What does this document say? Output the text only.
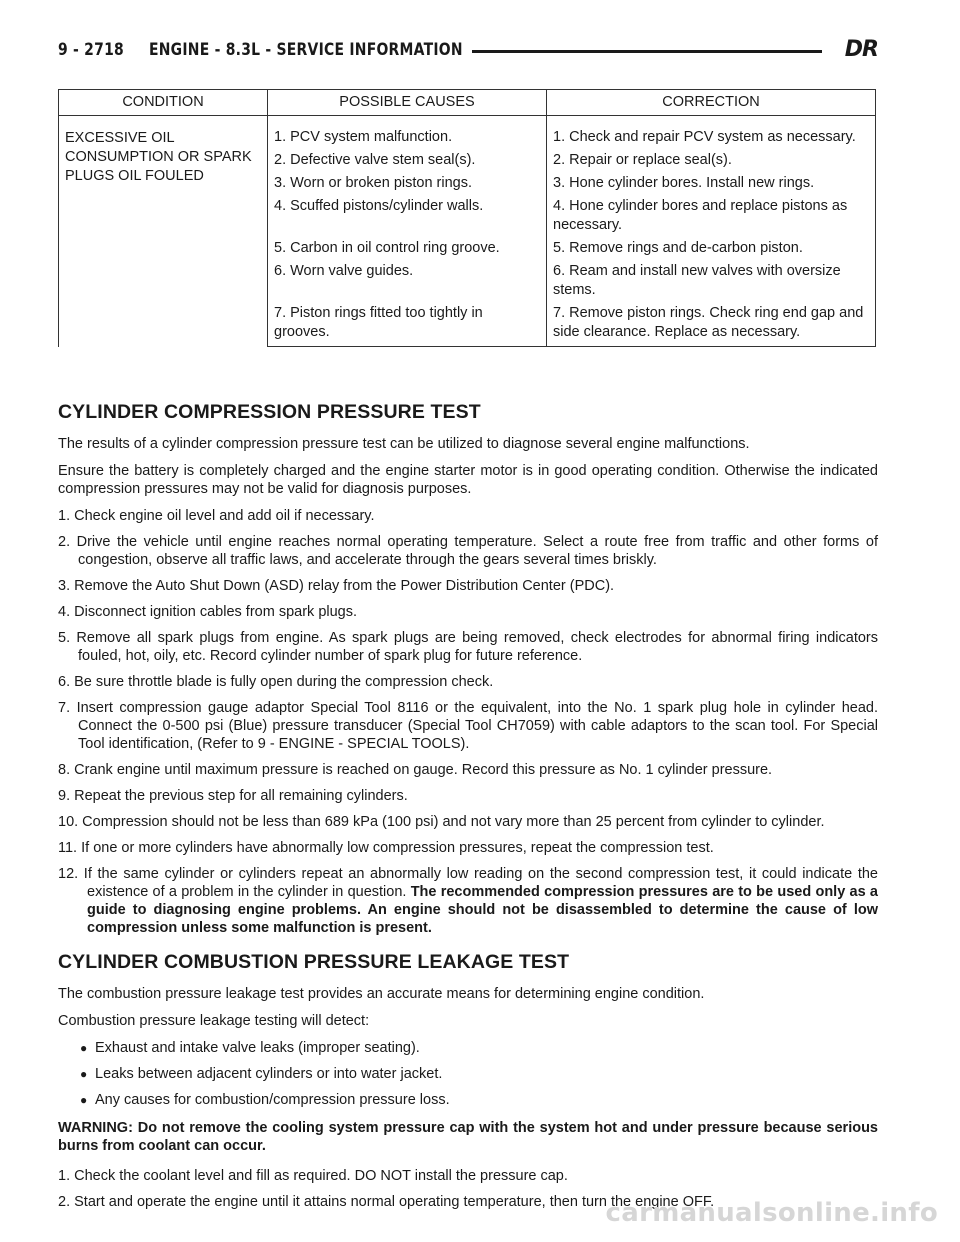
9 - 2718 ENGINE - 8.3L - SERVICE INFORMATION	DR
CONDITION	POSSIBLE CAUSES	CORRECTION
EXCESSIVE OIL CONSUMPTION OR SPARK PLUGS OIL FOULED	1. PCV system malfunction.	1. Check and repair PCV system as necessary.

	2. Defective valve stem seal(s).	2. Repair or replace seal(s).

	3. Worn or broken piston rings.	3. Hone cylinder bores. Install new rings.

	4. Scuffed pistons/cylinder walls.	4. Hone cylinder bores and replace pistons as necessary.

	5. Carbon in oil control ring groove.	5. Remove rings and de-carbon piston.

	6. Worn valve guides.	6. Ream and install new valves with oversize stems.

	7. Piston rings fitted too tightly in grooves.	7. Remove piston rings. Check ring end gap and side clearance. Replace as necessary.
CYLINDER COMPRESSION PRESSURE TEST

The results of a cylinder compression pressure test can be utilized to diagnose several engine malfunctions.

Ensure the battery is completely charged and the engine starter motor is in good operating condition. Otherwise the indicated compression pressures may not be valid for diagnosis purposes.

1. Check engine oil level and add oil if necessary.
2. Drive the vehicle until engine reaches normal operating temperature. Select a route free from traffic and other forms of congestion, observe all traffic laws, and accelerate through the gears several times briskly.
3. Remove the Auto Shut Down (ASD) relay from the Power Distribution Center (PDC).
4. Disconnect ignition cables from spark plugs.
5. Remove all spark plugs from engine. As spark plugs are being removed, check electrodes for abnormal firing indicators fouled, hot, oily, etc. Record cylinder number of spark plug for future reference.
6. Be sure throttle blade is fully open during the compression check.
7. Insert compression gauge adaptor Special Tool 8116 or the equivalent, into the No. 1 spark plug hole in cylinder head. Connect the 0-500 psi (Blue) pressure transducer (Special Tool CH7059) with cable adaptors to the scan tool. For Special Tool identification, (Refer to 9 - ENGINE - SPECIAL TOOLS).
8. Crank engine until maximum pressure is reached on gauge. Record this pressure as No. 1 cylinder pressure.
9. Repeat the previous step for all remaining cylinders.
10. Compression should not be less than 689 kPa (100 psi) and not vary more than 25 percent from cylinder to cylinder.
11. If one or more cylinders have abnormally low compression pressures, repeat the compression test.
12. If the same cylinder or cylinders repeat an abnormally low reading on the second compression test, it could indicate the existence of a problem in the cylinder in question. The recommended compression pressures are to be used only as a guide to diagnosing engine problems. An engine should not be disassembled to determine the cause of low compression unless some malfunction is present.
CYLINDER COMBUSTION PRESSURE LEAKAGE TEST

The combustion pressure leakage test provides an accurate means for determining engine condition.

Combustion pressure leakage testing will detect:

● Exhaust and intake valve leaks (improper seating).
● Leaks between adjacent cylinders or into water jacket.
● Any causes for combustion/compression pressure loss.

WARNING: Do not remove the cooling system pressure cap with the system hot and under pressure because serious burns from coolant can occur.

1. Check the coolant level and fill as required. DO NOT install the pressure cap.
2. Start and operate the engine until it attains normal operating temperature, then turn the engine OFF.
carmanualsonline.info
